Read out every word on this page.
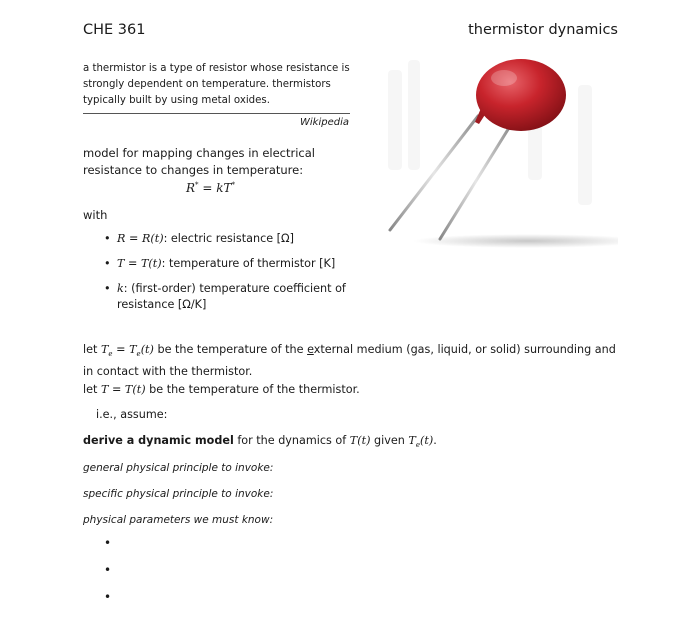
CHE 361	thermistor dynamics
a thermistor is a type of resistor whose resistance is strongly dependent on temperature. thermistors typically built by using metal oxides.
Wikipedia
model for mapping changes in electrical resistance to changes in temperature:
R* = kT*
with
• R = R(t): electric resistance [Ω]
• T = T(t): temperature of thermistor [K]
• k: (first-order) temperature coefficient of resistance [Ω/K]
let $T_e = T_e(t)$ be the temperature of the external medium (gas, liquid, or solid) surrounding and in contact with the thermistor.
let T = T(t) be the temperature of the thermistor.
i.e., assume:
derive a dynamic model for the dynamics of T(t) given $T_e(t)$.
general physical principle to invoke:
specific physical principle to invoke:
physical parameters we must know:
•
•
•
